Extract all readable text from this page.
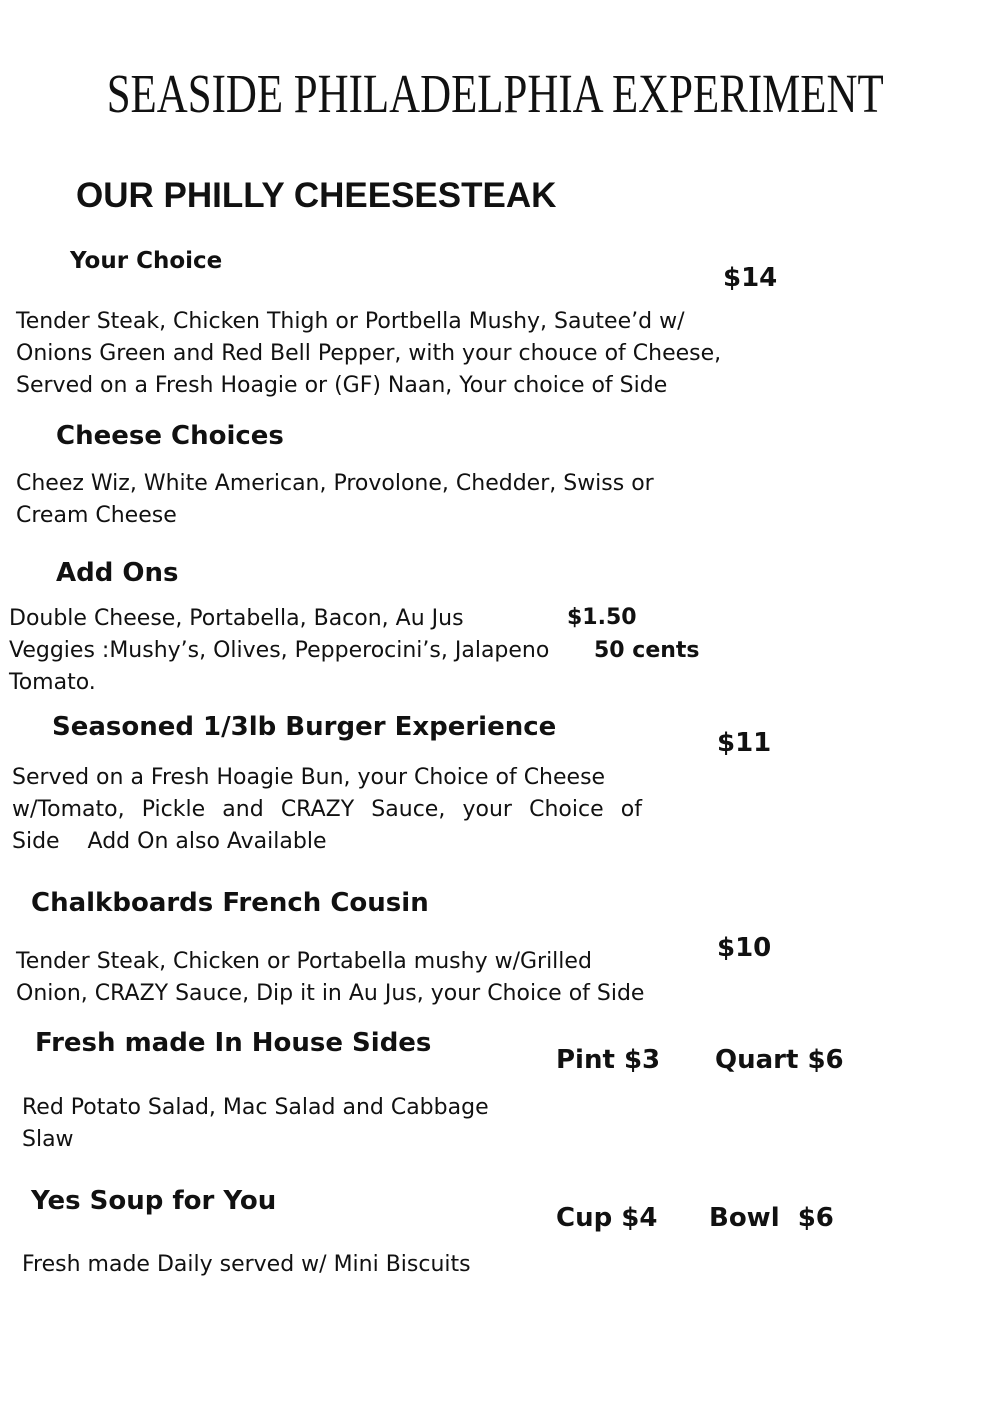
SEASIDE PHILADELPHIA EXPERIMENT
OUR PHILLY CHEESESTEAK
Your Choice
$14
Tender Steak, Chicken Thigh or Portbella Mushy, Sautee’d w/
Onions Green and Red Bell Pepper, with your chouce of Cheese,
Served on a Fresh Hoagie or (GF) Naan, Your choice of Side
Cheese Choices
Cheez Wiz, White American, Provolone, Chedder, Swiss or
Cream Cheese
Add Ons
Double Cheese, Portabella, Bacon, Au Jus	$1.50
Veggies :Mushy’s, Olives, Pepperocini’s, Jalapeno 50 cents
Tomato.
Seasoned 1/3lb Burger Experience
$11
Served on a Fresh Hoagie Bun, your Choice of Cheese
w/Tomato, Pickle and CRAZY Sauce, your Choice of
Side    Add On also Available
Chalkboards French Cousin
$10
Tender Steak, Chicken or Portabella mushy w/Grilled
Onion, CRAZY Sauce, Dip it in Au Jus, your Choice of Side
Fresh made In House Sides
Pint $3 Quart $6
Red Potato Salad, Mac Salad and Cabbage
Slaw
Yes Soup for You
Cup $4 Bowl  $6
Fresh made Daily served w/ Mini Biscuits
